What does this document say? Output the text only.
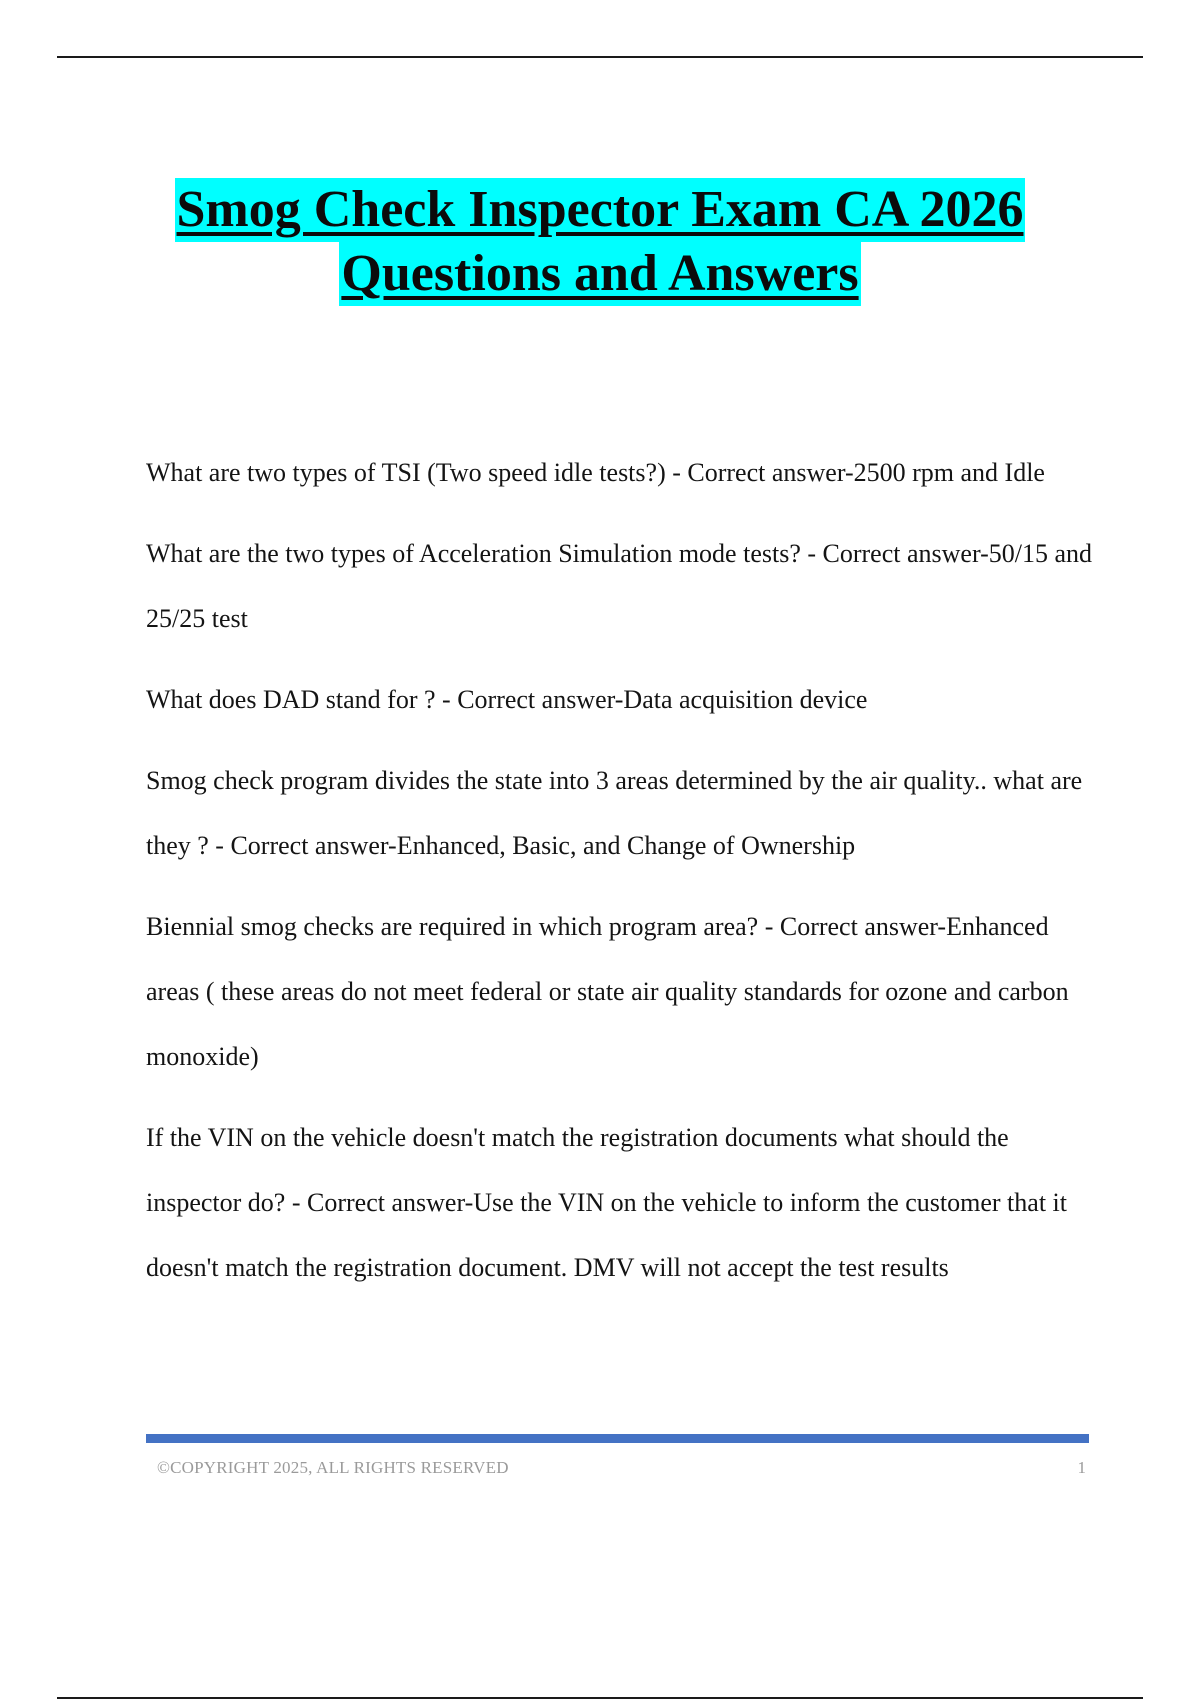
Smog Check Inspector Exam CA 2026
Questions and Answers

What are two types of TSI (Two speed idle tests?) - Correct answer-2500 rpm and Idle

What are the two types of Acceleration Simulation mode tests? - Correct answer-50/15 and 25/25 test

What does DAD stand for ? - Correct answer-Data acquisition device

Smog check program divides the state into 3 areas determined by the air quality.. what are they ? - Correct answer-Enhanced, Basic, and Change of Ownership

Biennial smog checks are required in which program area? - Correct answer-Enhanced areas ( these areas do not meet federal or state air quality standards for ozone and carbon monoxide)

If the VIN on the vehicle doesn't match the registration documents what should the inspector do? - Correct answer-Use the VIN on the vehicle to inform the customer that it doesn't match the registration document. DMV will not accept the test results

©COPYRIGHT 2025, ALL RIGHTS RESERVED	1
